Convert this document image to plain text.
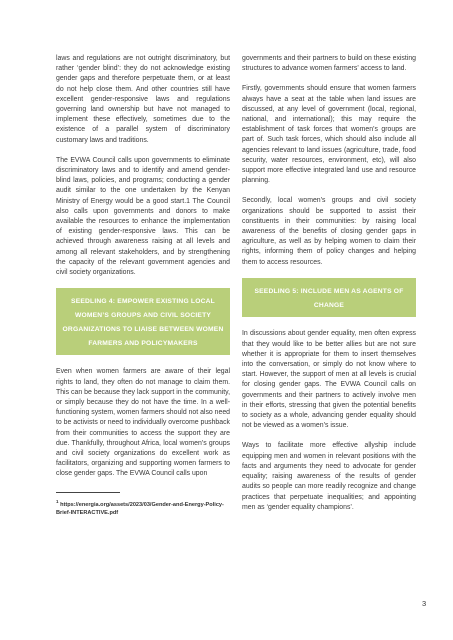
laws and regulations are not outright discriminatory, but rather ‘gender blind’: they do not acknowledge existing gender gaps and therefore perpetuate them, or at least do not help close them. And other countries still have excellent gender-responsive laws and regulations governing land ownership but have not managed to implement these effectively, sometimes due to the existence of a parallel system of discriminatory customary laws and traditions.

The EVWA Council calls upon governments to eliminate discriminatory laws and to identify and amend gender-blind laws, policies, and programs; conducting a gender audit similar to the one undertaken by the Kenyan Ministry of Energy would be a good start.1 The Council also calls upon governments and donors to make available the resources to enhance the implementation of existing gender-responsive laws. This can be achieved through awareness raising at all levels and among all relevant stakeholders, and by strengthening the capacity of the relevant government agencies and civil society organizations.

SEEDLING 4: EMPOWER EXISTING LOCAL WOMEN’S GROUPS AND CIVIL SOCIETY ORGANIZATIONS TO LIAISE BETWEEN WOMEN FARMERS AND POLICYMAKERS

Even when women farmers are aware of their legal rights to land, they often do not manage to claim them. This can be because they lack support in the community, or simply because they do not have the time. In a well-functioning system, women farmers should not also need to be activists or need to individually overcome pushback from their communities to access the support they are due. Thankfully, throughout Africa, local women’s groups and civil society organizations do excellent work as facilitators, organizing and supporting women farmers to close gender gaps. The EVWA Council calls upon

$^1$ https://energia.org/assets/2023/03/Gender-and-Energy-Policy-Brief-INTERACTIVE.pdf

governments and their partners to build on these existing structures to advance women farmers’ access to land.

Firstly, governments should ensure that women farmers always have a seat at the table when land issues are discussed, at any level of government (local, regional, national, and international); this may require the establishment of task forces that women’s groups are part of. Such task forces, which should also include all agencies relevant to land issues (agriculture, trade, food security, water resources, environment, etc), will also support more effective integrated land use and resource planning.

Secondly, local women’s groups and civil society organizations should be supported to assist their constituents in their communities: by raising local awareness of the benefits of closing gender gaps in agriculture, as well as by helping women to claim their rights, informing them of policy changes and helping them to access resources.

SEEDLING 5: INCLUDE MEN AS AGENTS OF CHANGE

In discussions about gender equality, men often express that they would like to be better allies but are not sure whether it is appropriate for them to insert themselves into the conversation, or simply do not know where to start. However, the support of men at all levels is crucial for closing gender gaps. The EVWA Council calls on governments and their partners to actively involve men in their efforts, stressing that given the potential benefits to society as a whole, advancing gender equality should not be viewed as a women’s issue.

Ways to facilitate more effective allyship include equipping men and women in relevant positions with the facts and arguments they need to advocate for gender equality; raising awareness of the results of gender audits so people can more readily recognize and change practices that perpetuate inequalities; and appointing men as ‘gender equality champions’.

3
